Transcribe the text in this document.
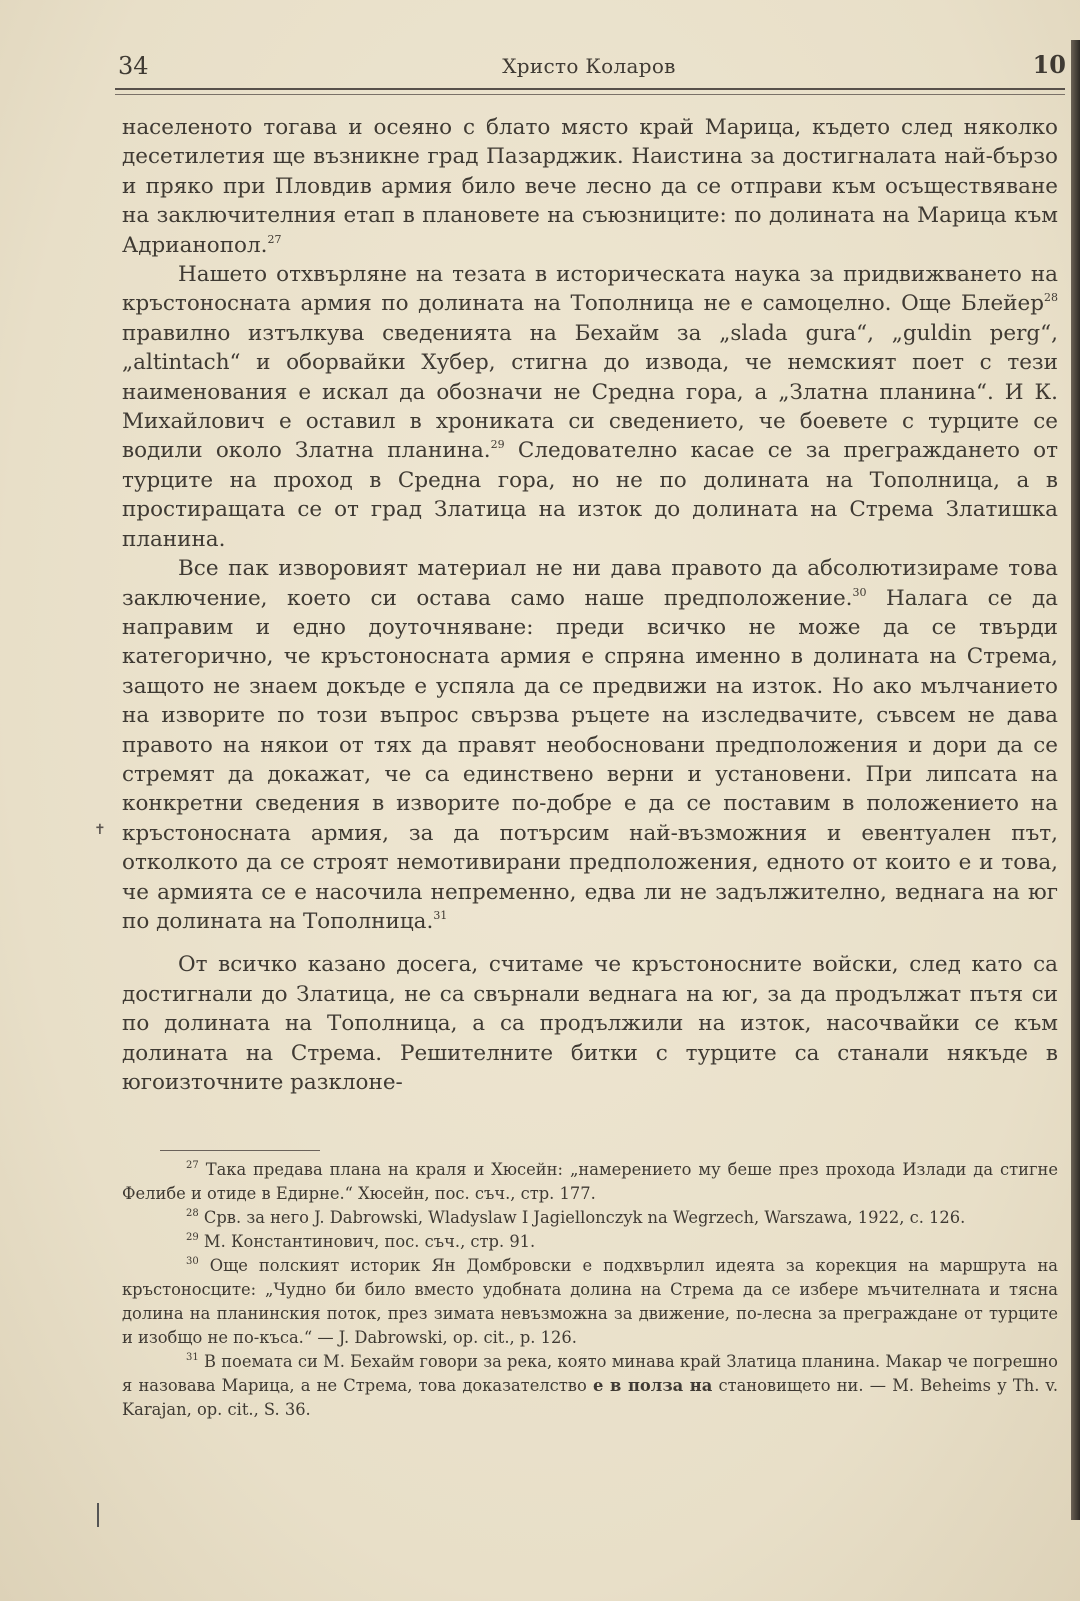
34	Христо Коларов	10

населеното тогава и осеяно с блато място край Марица, където след няколко десетилетия ще възникне град Пазарджик. Наистина за достигналата най-бързо и пряко при Пловдив армия било вече лесно да се отправи към осъществяване на заключителния етап в плановете на съюзниците: по долината на Марица към Адрианопол.$^{27}$

Нашето отхвърляне на тезата в историческата наука за придвижването на кръстоносната армия по долината на Тополница не е самоцелно. Още Блейер$^{28}$ правилно изтълкува сведенията на Бехайм за „slada gura“, „guldin perg“, „altintach“ и оборвайки Хубер, стигна до извода, че немският поет с тези наименования е искал да обозначи не Средна гора, а „Златна планина“. И К. Михайлович е оставил в хрониката си сведението, че боевете с турците се водили около Златна планина.$^{29}$ Следователно касае се за преграждането от турците на проход в Средна гора, но не по долината на Тополница, а в простиращата се от град Златица на изток до долината на Стрема Златишка планина.

Все пак изворовият материал не ни дава правото да абсолютизираме това заключение, което си остава само наше предположение.$^{30}$ Налага се да направим и едно доуточняване: преди всичко не може да се твърди категорично, че кръстоносната армия е спряна именно в долината на Стрема, защото не знаем докъде е успяла да се предвижи на изток. Но ако мълчанието на изворите по този въпрос свързва ръцете на изследвачите, съвсем не дава правото на някои от тях да правят необосновани предположения и дори да се стремят да докажат, че са единствено верни и установени. При липсата на конкретни сведения в изворите по-добре е да се поставим в положението на кръстоносната армия, за да потърсим най-възможния и евентуален път, отколкото да се строят немотивирани предположения, едното от които е и това, че армията се е насочила непременно, едва ли не задължително, веднага на юг по долината на Тополница.$^{31}$

От всичко казано досега, считаме че кръстоносните войски, след като са достигнали до Златица, не са свърнали веднага на юг, за да продължат пътя си по долината на Тополница, а са продължили на изток, насочвайки се към долината на Стрема. Решителните битки с турците са станали някъде в югоизточните разклоне-

$^{27}$ Така предава плана на краля и Хюсейн: „намерението му беше през прохода Излади да стигне Фелибе и отиде в Едирне.“ Хюсейн, пос. съч., стр. 177.

$^{28}$ Срв. за него J. Dabrowski, Wladyslaw I Jagiellonczyk na Wegrzech, Warszawa, 1922, с. 126.

$^{29}$ М. Константинович, пос. съч., стр. 91.

$^{30}$ Още полският историк Ян Домбровски е подхвърлил идеята за корекция на маршрута на кръстоносците: „Чудно би било вместо удобната долина на Стрема да се избере мъчителната и тясна долина на планинския поток, през зимата невъзможна за движение, по-лесна за преграждане от турците и изобщо не по-къса.“ — J. Dabrowski, op. cit., p. 126.

$^{31}$ В поемата си М. Бехайм говори за река, която минава край Златица планина. Макар че погрешно я назовава Марица, а не Стрема, това доказателство е в полза на становището ни. — M. Beheims у Th. v. Karajan, op. cit., S. 36.

✝
